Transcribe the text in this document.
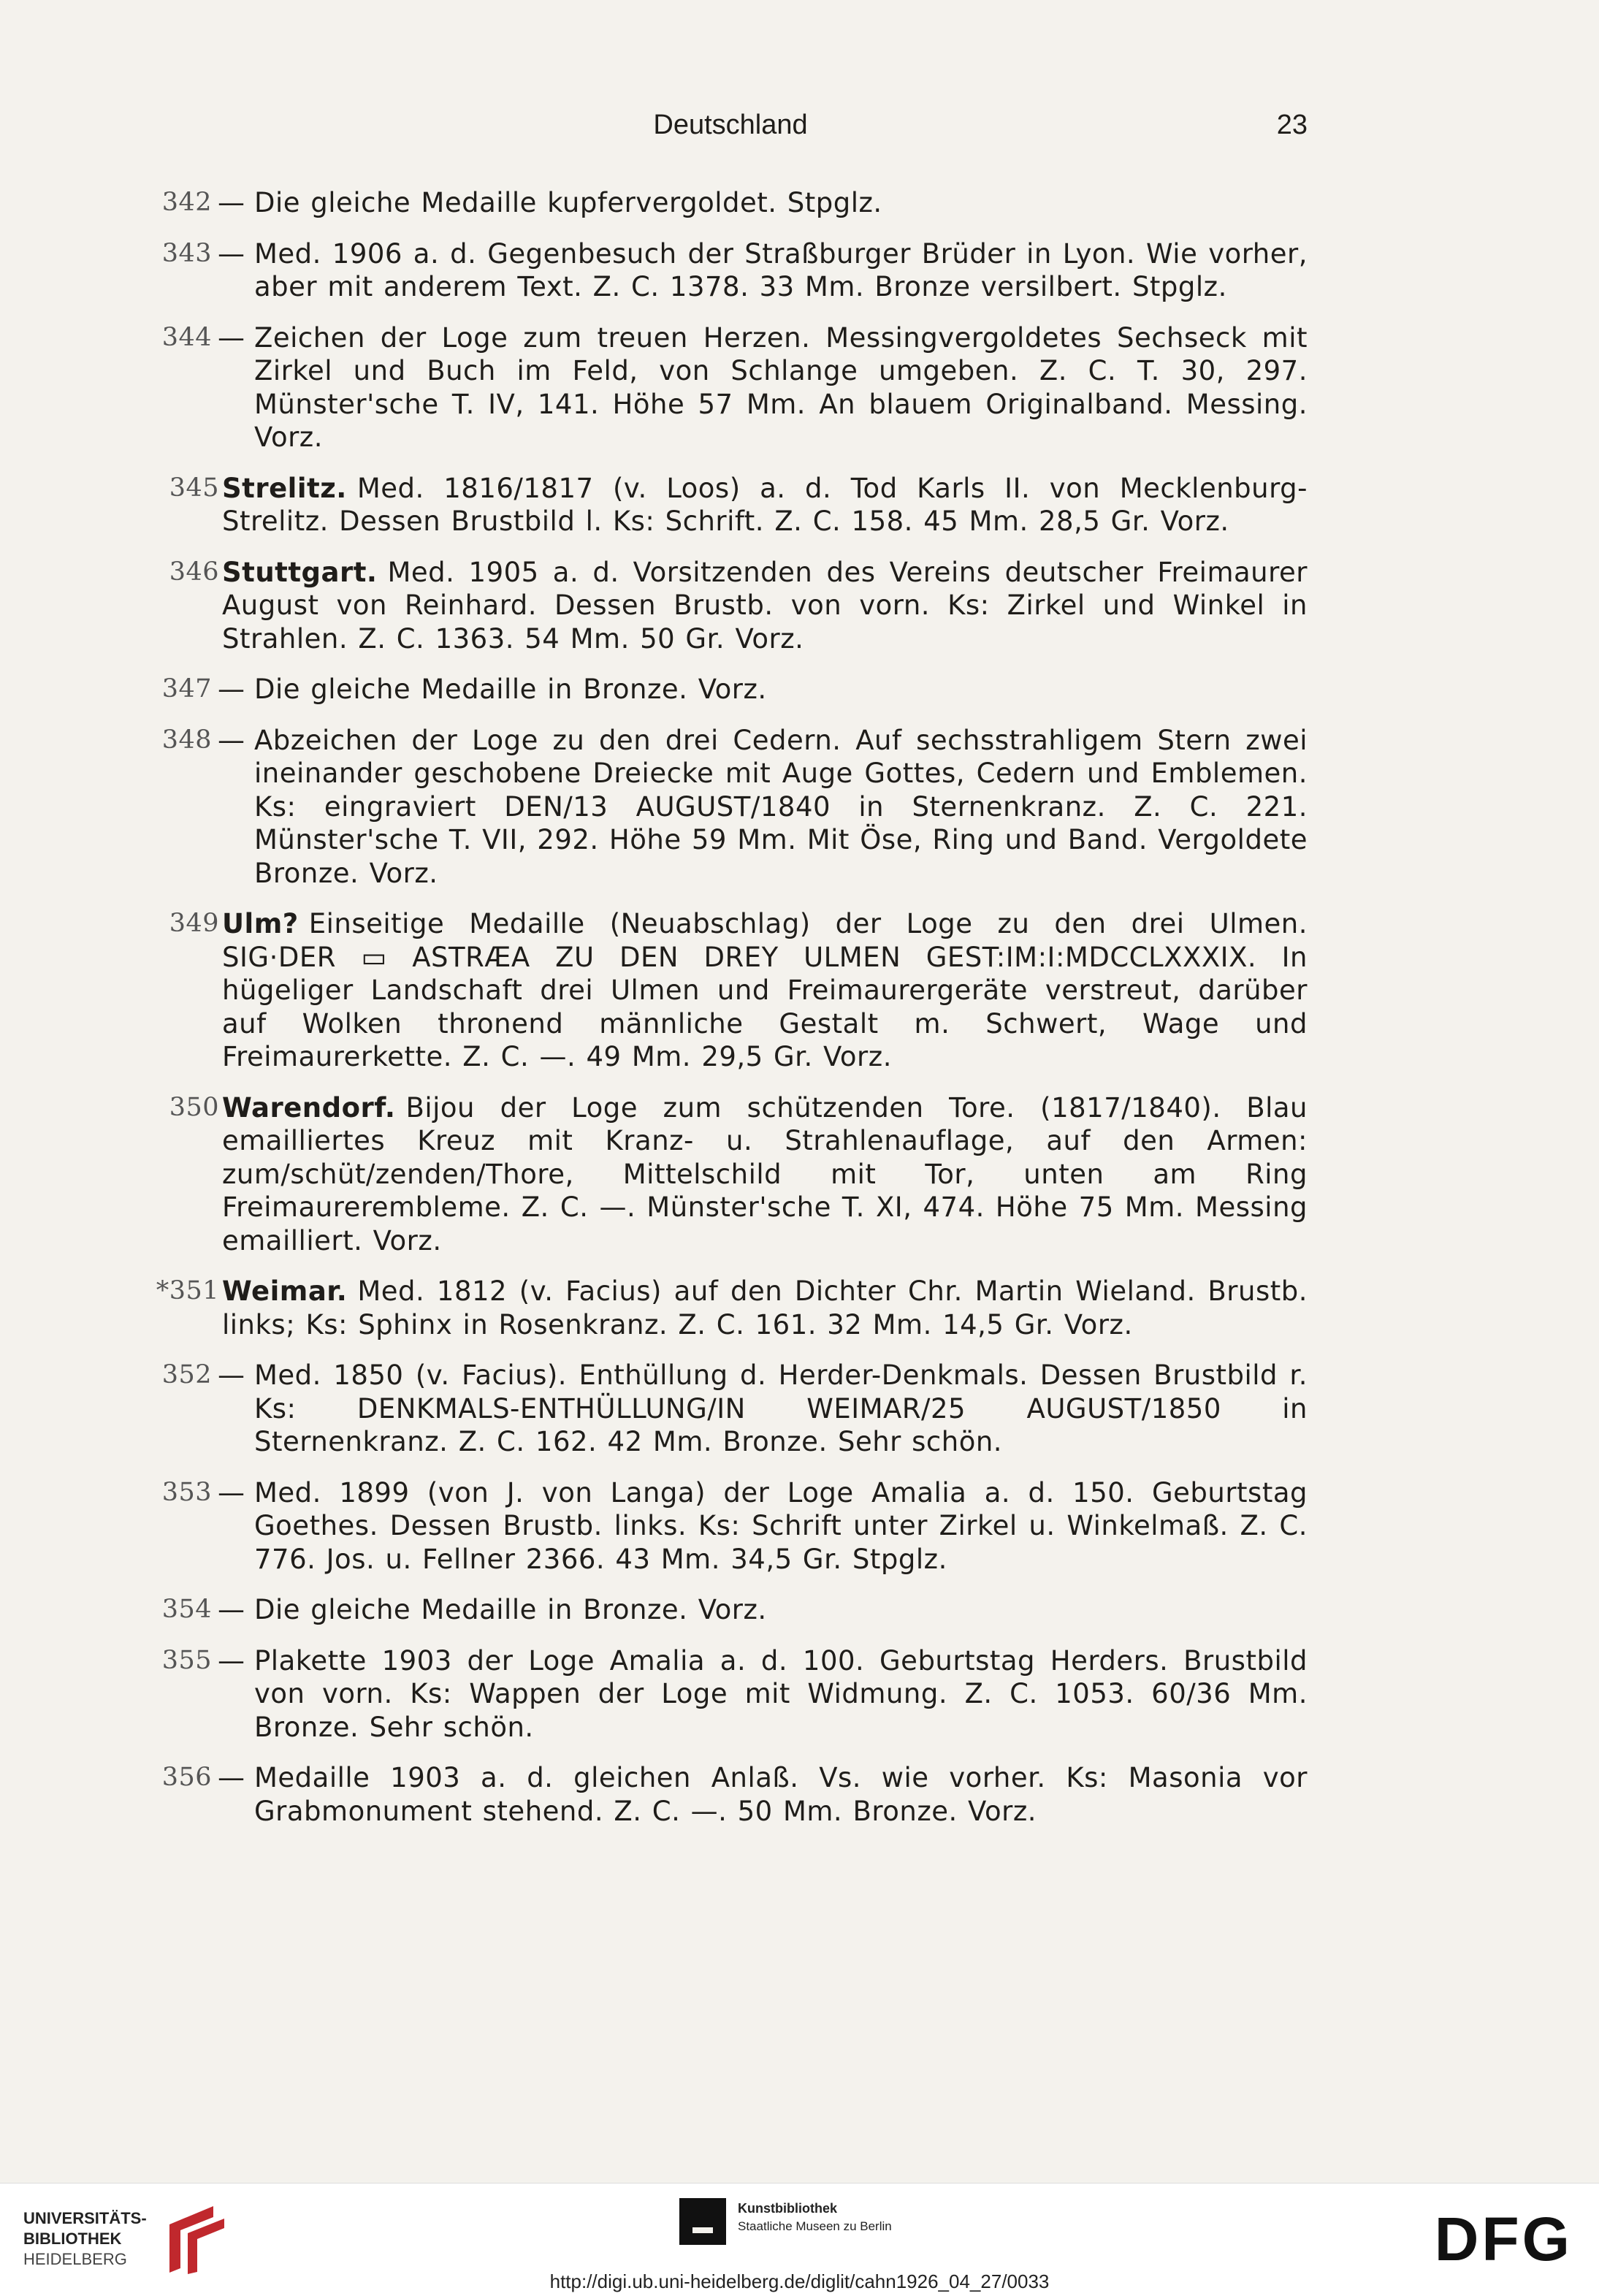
Deutschland	23
342 — Die gleiche Medaille kupfervergoldet. Stpglz.
343 — Med. 1906 a. d. Gegenbesuch der Straßburger Brüder in Lyon. Wie vorher, aber mit anderem Text. Z. C. 1378. 33 Mm. Bronze versilbert. Stpglz.
344 — Zeichen der Loge zum treuen Herzen. Messingvergoldetes Sechseck mit Zirkel und Buch im Feld, von Schlange umgeben. Z. C. T. 30, 297. Münster'sche T. IV, 141. Höhe 57 Mm. An blauem Originalband. Messing. Vorz.
345 Strelitz. Med. 1816/1817 (v. Loos) a. d. Tod Karls II. von Mecklenburg-Strelitz. Dessen Brustbild l. Ks: Schrift. Z. C. 158. 45 Mm. 28,5 Gr. Vorz.
346 Stuttgart. Med. 1905 a. d. Vorsitzenden des Vereins deutscher Freimaurer August von Reinhard. Dessen Brustb. von vorn. Ks: Zirkel und Winkel in Strahlen. Z. C. 1363. 54 Mm. 50 Gr. Vorz.
347 — Die gleiche Medaille in Bronze. Vorz.
348 — Abzeichen der Loge zu den drei Cedern. Auf sechsstrahligem Stern zwei ineinander geschobene Dreiecke mit Auge Gottes, Cedern und Emblemen. Ks: eingraviert DEN/13 AUGUST/1840 in Sternenkranz. Z. C. 221. Münster'sche T. VII, 292. Höhe 59 Mm. Mit Öse, Ring und Band. Vergoldete Bronze. Vorz.
349 Ulm? Einseitige Medaille (Neuabschlag) der Loge zu den drei Ulmen. SIG·DER ▭ ASTRÆA ZU DEN DREY ULMEN GEST:IM:I:MDCCLXXXIX. In hügeliger Landschaft drei Ulmen und Freimaurergeräte verstreut, darüber auf Wolken thronend männliche Gestalt m. Schwert, Wage und Freimaurerkette. Z. C. —. 49 Mm. 29,5 Gr. Vorz.
350 Warendorf. Bijou der Loge zum schützenden Tore. (1817/1840). Blau emailliertes Kreuz mit Kranz- u. Strahlenauflage, auf den Armen: zum/schüt/zenden/Thore, Mittelschild mit Tor, unten am Ring Freimaurerembleme. Z. C. —. Münster'sche T. XI, 474. Höhe 75 Mm. Messing emailliert. Vorz.
*351 Weimar. Med. 1812 (v. Facius) auf den Dichter Chr. Martin Wieland. Brustb. links; Ks: Sphinx in Rosenkranz. Z. C. 161. 32 Mm. 14,5 Gr. Vorz.
352 — Med. 1850 (v. Facius). Enthüllung d. Herder-Denkmals. Dessen Brustbild r. Ks: DENKMALS-ENTHÜLLUNG/IN WEIMAR/25 AUGUST/1850 in Sternenkranz. Z. C. 162. 42 Mm. Bronze. Sehr schön.
353 — Med. 1899 (von J. von Langa) der Loge Amalia a. d. 150. Geburtstag Goethes. Dessen Brustb. links. Ks: Schrift unter Zirkel u. Winkelmaß. Z. C. 776. Jos. u. Fellner 2366. 43 Mm. 34,5 Gr. Stpglz.
354 — Die gleiche Medaille in Bronze. Vorz.
355 — Plakette 1903 der Loge Amalia a. d. 100. Geburtstag Herders. Brustbild von vorn. Ks: Wappen der Loge mit Widmung. Z. C. 1053. 60/36 Mm. Bronze. Sehr schön.
356 — Medaille 1903 a. d. gleichen Anlaß. Vs. wie vorher. Ks: Masonia vor Grabmonument stehend. Z. C. —. 50 Mm. Bronze. Vorz.
UNIVERSITÄTS-
BIBLIOTHEK
HEIDELBERG
Kunstbibliothek
Staatliche Museen zu Berlin	DFG
http://digi.ub.uni-heidelberg.de/diglit/cahn1926_04_27/0033
